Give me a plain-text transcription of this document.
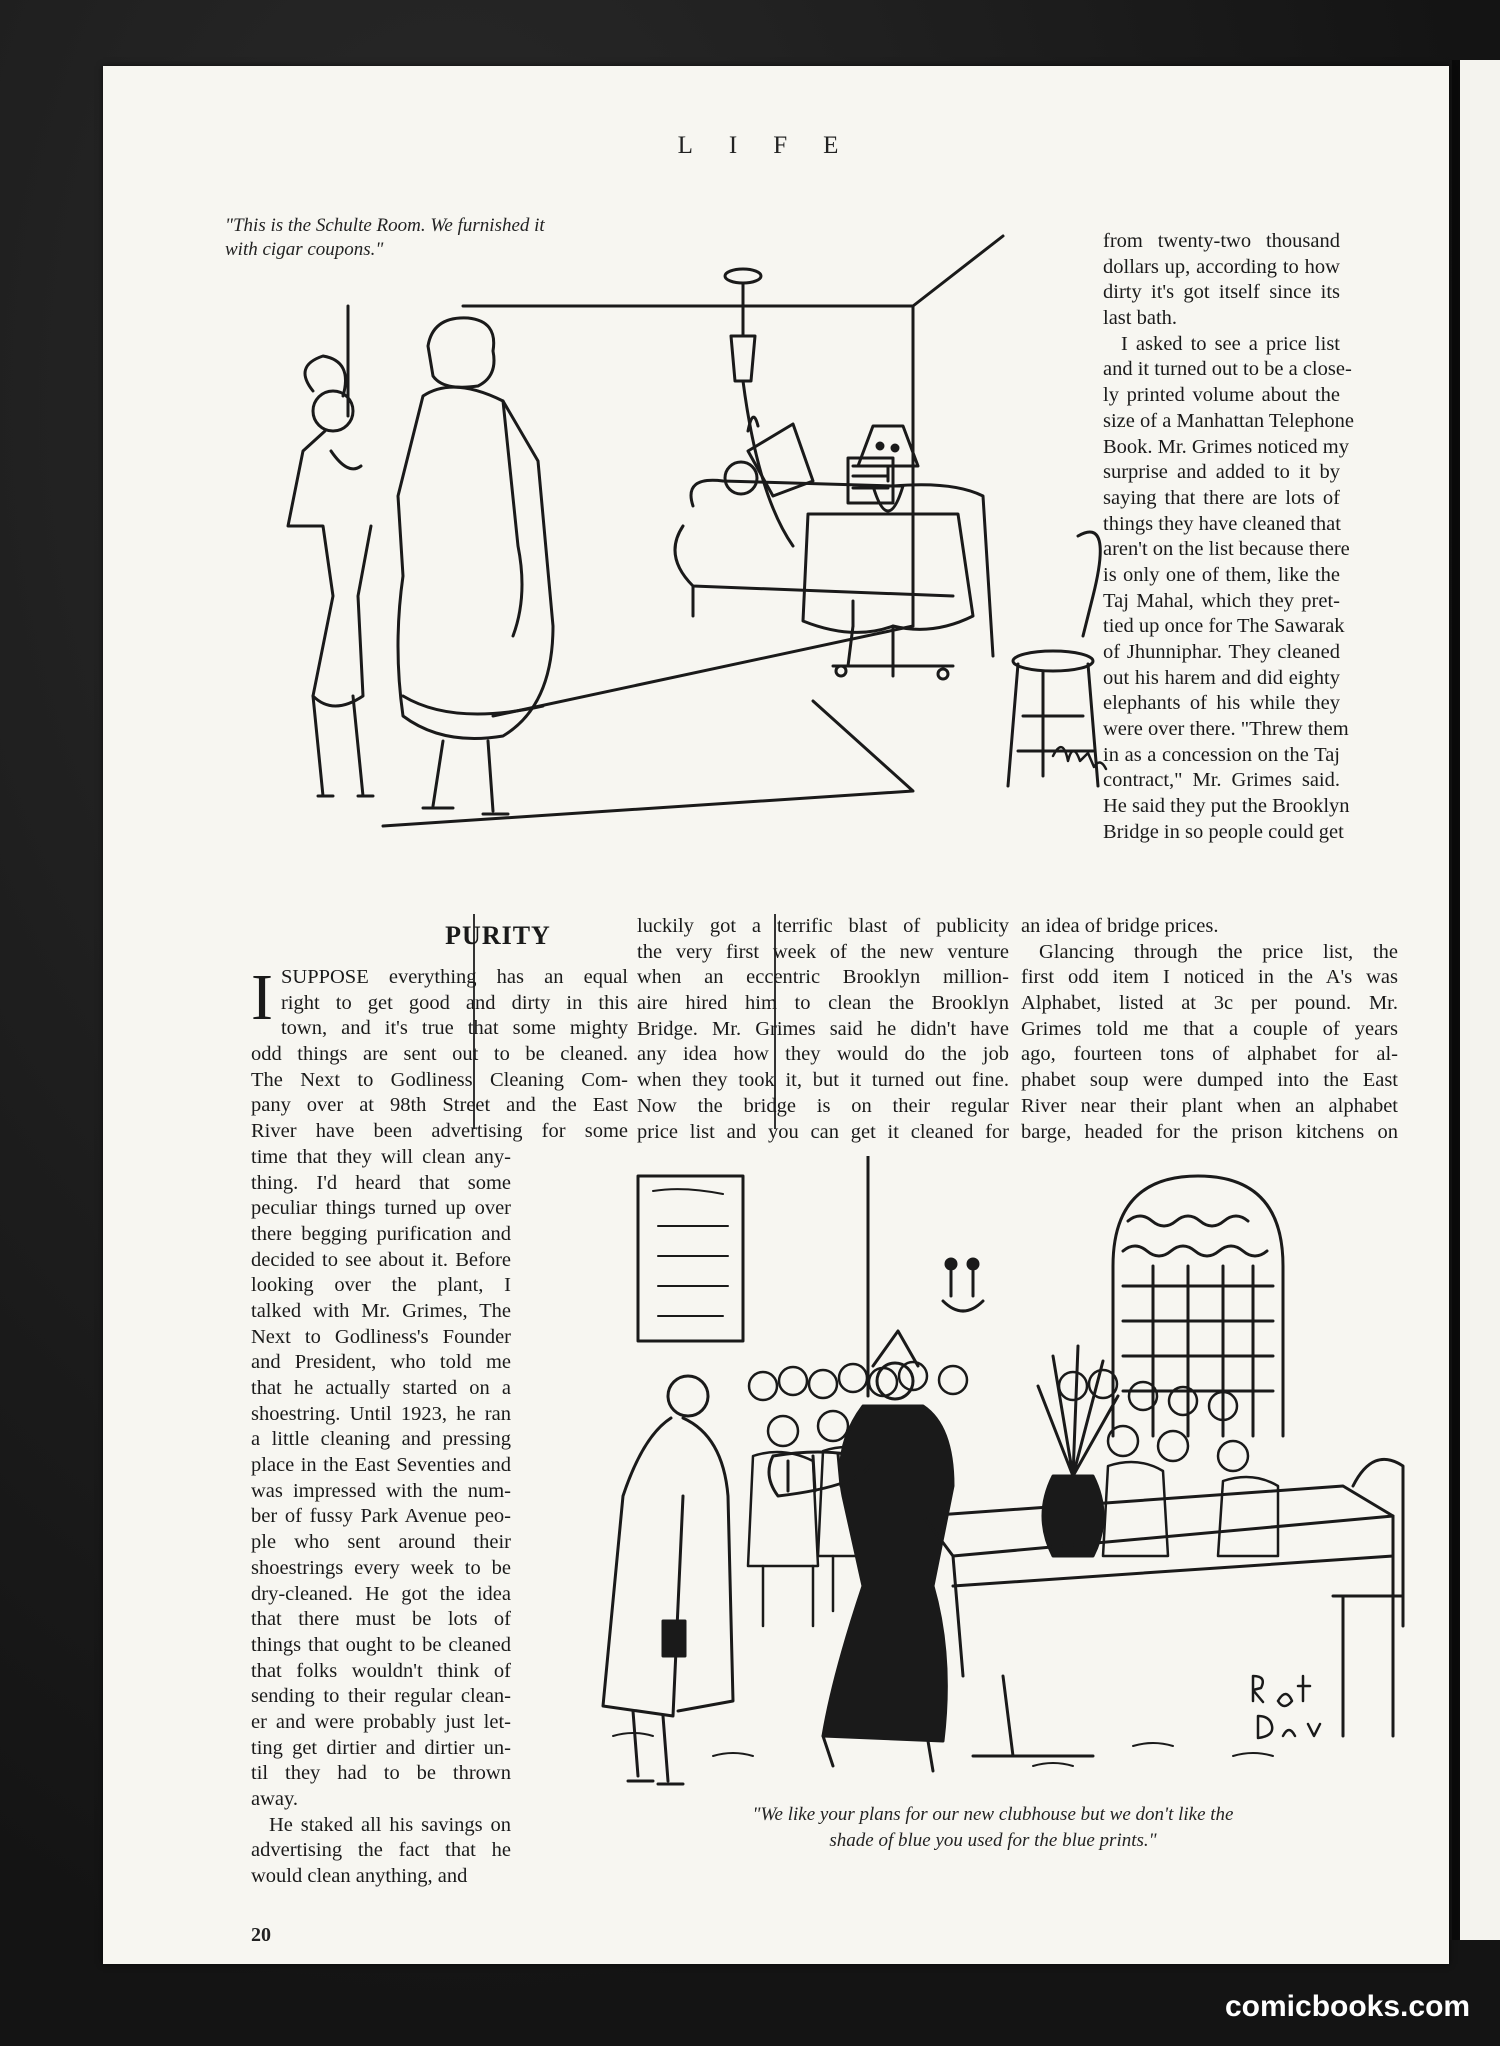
LIFE
"This is the Schulte Room. We furnished it with cigar coupons."
PURITY
I SUPPOSE everything has an equal
right to get good and dirty in this
town, and it's true that some mighty
odd things are sent out to be cleaned.
The Next to Godliness Cleaning Com-
pany over at 98th Street and the East
River have been advertising for some
time that they will clean any-
thing. I'd heard that some
peculiar things turned up over
there begging purification and
decided to see about it. Before
looking over the plant, I
talked with Mr. Grimes, The
Next to Godliness's Founder
and President, who told me
that he actually started on a
shoestring. Until 1923, he ran
a little cleaning and pressing
place in the East Seventies and
was impressed with the num-
ber of fussy Park Avenue peo-
ple who sent around their
shoestrings every week to be
dry-cleaned. He got the idea
that there must be lots of
things that ought to be cleaned
that folks wouldn't think of
sending to their regular clean-
er and were probably just let-
ting get dirtier and dirtier un-
til they had to be thrown
away.
He staked all his savings on
advertising the fact that he
would clean anything, and
luckily got a terrific blast of publicity
the very first week of the new venture
when an eccentric Brooklyn million-
aire hired him to clean the Brooklyn
Bridge. Mr. Grimes said he didn't have
any idea how they would do the job
when they took it, but it turned out fine.
Now the bridge is on their regular
price list and you can get it cleaned for
from twenty-two thousand
dollars up, according to how
dirty it's got itself since its
last bath.
I asked to see a price list
and it turned out to be a close-
ly printed volume about the
size of a Manhattan Telephone
Book. Mr. Grimes noticed my
surprise and added to it by
saying that there are lots of
things they have cleaned that
aren't on the list because there
is only one of them, like the
Taj Mahal, which they pret-
tied up once for The Sawarak
of Jhunniphar. They cleaned
out his harem and did eighty
elephants of his while they
were over there. "Threw them
in as a concession on the Taj
contract," Mr. Grimes said.
He said they put the Brooklyn
Bridge in so people could get
an idea of bridge prices.
Glancing through the price list, the
first odd item I noticed in the A's was
Alphabet, listed at 3c per pound. Mr.
Grimes told me that a couple of years
ago, fourteen tons of alphabet for al-
phabet soup were dumped into the East
River near their plant when an alphabet
barge, headed for the prison kitchens on
"We like your plans for our new clubhouse but we don't like the
shade of blue you used for the blue prints."
20
comicbooks.com
